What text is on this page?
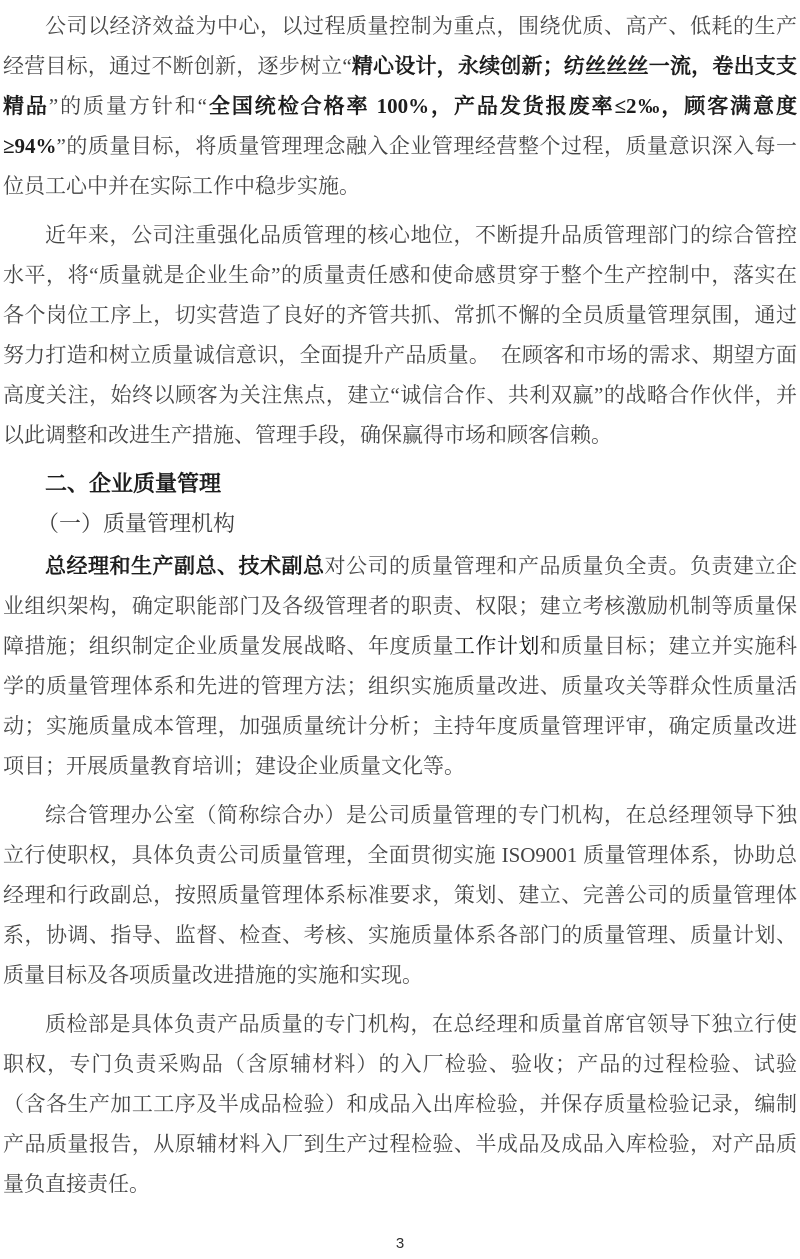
公司以经济效益为中心，以过程质量控制为重点，围绕优质、高产、低耗的生产经营目标，通过不断创新，逐步树立“精心设计，永续创新；纺丝丝丝一流，卷出支支精品”的质量方针和“全国统检合格率 100%，产品发货报废率≤2‰，顾客满意度≥94%”的质量目标，将质量管理理念融入企业管理经营整个过程，质量意识深入每一位员工心中并在实际工作中稳步实施。
近年来，公司注重强化品质管理的核心地位，不断提升品质管理部门的综合管控水平，将“质量就是企业生命”的质量责任感和使命感贯穿于整个生产控制中，落实在各个岗位工序上，切实营造了良好的齐管共抓、常抓不懈的全员质量管理氛围，通过努力打造和树立质量诚信意识，全面提升产品质量。　在顾客和市场的需求、期望方面高度关注，始终以顾客为关注焦点，建立“诚信合作、共利双赢”的战略合作伙伴，并以此调整和改进生产措施、管理手段，确保赢得市场和顾客信赖。
二、企业质量管理
（一）质量管理机构
总经理和生产副总、技术副总对公司的质量管理和产品质量负全责。负责建立企业组织架构，确定职能部门及各级管理者的职责、权限；建立考核激励机制等质量保障措施；组织制定企业质量发展战略、年度质量工作计划和质量目标；建立并实施科学的质量管理体系和先进的管理方法；组织实施质量改进、质量攻关等群众性质量活动；实施质量成本管理，加强质量统计分析；主持年度质量管理评审，确定质量改进项目；开展质量教育培训；建设企业质量文化等。
综合管理办公室（简称综合办）是公司质量管理的专门机构，在总经理领导下独立行使职权，具体负责公司质量管理，全面贯彻实施 ISO9001 质量管理体系，协助总经理和行政副总，按照质量管理体系标准要求，策划、建立、完善公司的质量管理体系，协调、指导、监督、检查、考核、实施质量体系各部门的质量管理、质量计划、质量目标及各项质量改进措施的实施和实现。
质检部是具体负责产品质量的专门机构，在总经理和质量首席官领导下独立行使职权，专门负责采购品（含原辅材料）的入厂检验、验收；产品的过程检验、试验（含各生产加工工序及半成品检验）和成品入出库检验，并保存质量检验记录，编制产品质量报告，从原辅材料入厂到生产过程检验、半成品及成品入库检验，对产品质量负直接责任。
3
